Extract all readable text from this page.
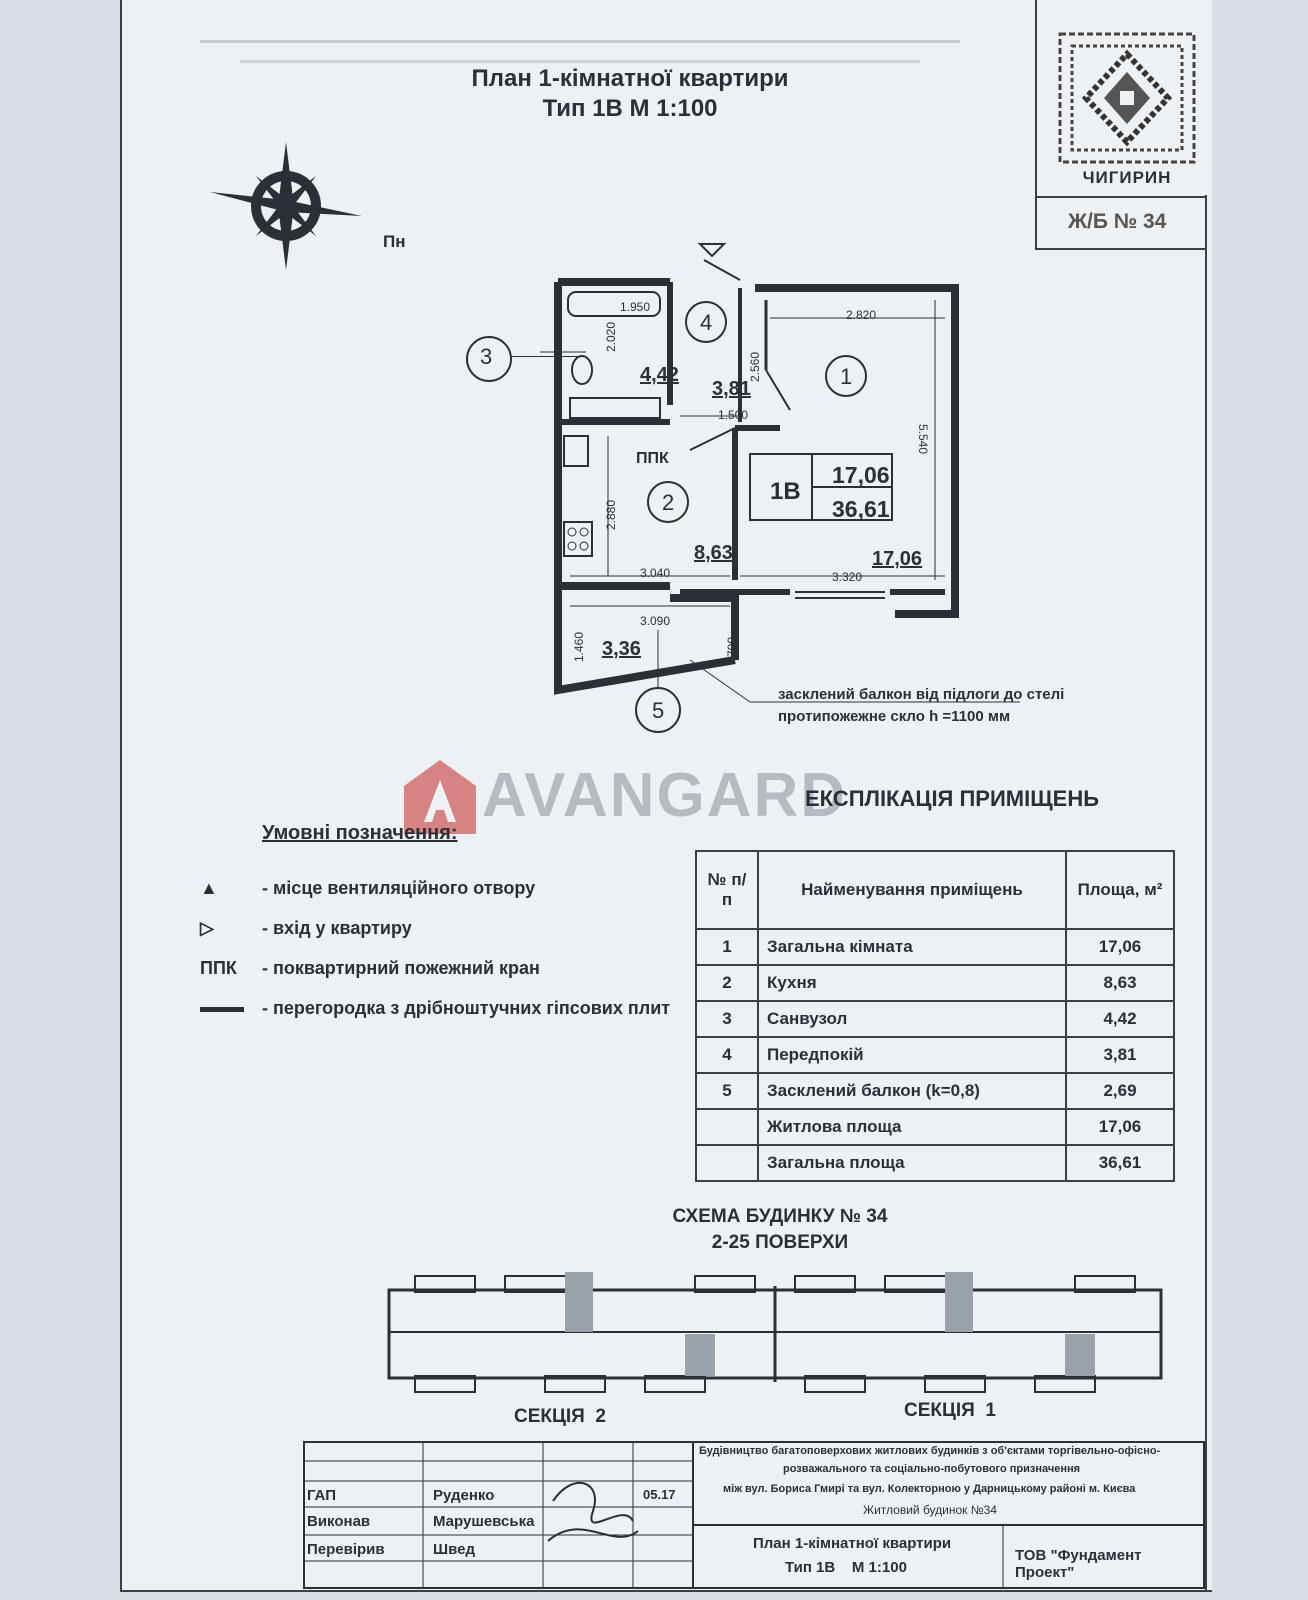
План 1-кімнатної квартири
Тип 1В М 1:100
ЧИГИРИН
Ж/Б № 34
Пн
3
1
2
4
5
4,42
3,81
8,63	17,06
3,36
1В
17,06
36,61
ППК
1.950
2.020
2.560
1.500
2.820
5.540
2.880
3.040	3.320
3.090
1.460	700
засклений балкон від підлоги до стелі
протипожежне скло h =1100 мм
AVANGARD
Умовні позначення:
▲ - місце вентиляційного отвору
▷	- вхід у квартиру
ППК - поквартирний пожежний кран
- перегородка з дрібноштучних гіпсових плит
ЕКСПЛІКАЦІЯ ПРИМІЩЕНЬ
№ п/п	Найменування приміщень	Площа, м²
1	Загальна кімната	17,06
2	Кухня	8,63
3	Санвузол	4,42
4	Передпокій	3,81
5	Засклений балкон (k=0,8)	2,69
	Житлова площа	17,06
	Загальна площа	36,61
СХЕМА БУДИНКУ № 34
2-25 ПОВЕРХИ
СЕКЦІЯ  2	СЕКЦІЯ  1
ГАП	Руденко	05.17
Виконав	Марушевська
Перевірив	Швед
Будівництво багатоповерхових житлових будинків з об'єктами торгівельно-офісно-
розважального та соціально-побутового призначення
між вул. Бориса Гмирі та вул. Колекторною у Дарницькому районі м. Києва
Житловий будинок №34
План 1-кімнатної квартири
Тип 1В    М 1:100
ТОВ "Фундамент Проект"
